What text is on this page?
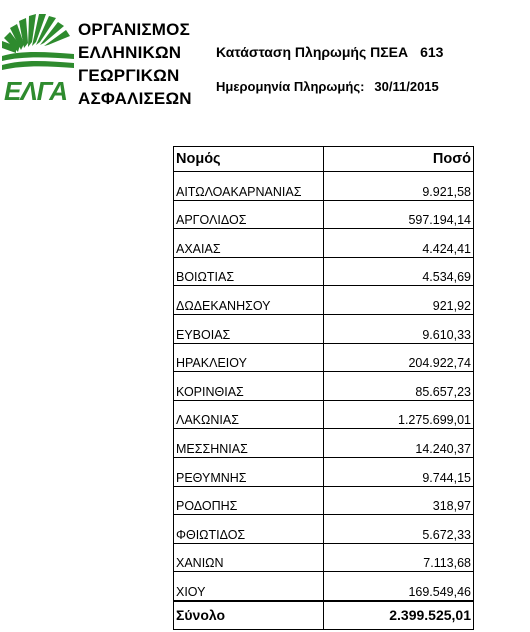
ΕΛΓΑ
ΟΡΓΑΝΙΣΜΟΣ
ΕΛΛΗΝΙΚΩΝ
ΓΕΩΡΓΙΚΩΝ
ΑΣΦΑΛΙΣΕΩΝ
Κατάσταση Πληρωμής ΠΣΕΑ 613
Ημερομηνία Πληρωμής: 30/11/2015
Νομός	Ποσό
ΑΙΤΩΛΟΑΚΑΡΝΑΝΙΑΣ	9.921,58
ΑΡΓΟΛΙΔΟΣ	597.194,14
ΑΧΑΙΑΣ	4.424,41
ΒΟΙΩΤΙΑΣ	4.534,69
ΔΩΔΕΚΑΝΗΣΟΥ	921,92
ΕΥΒΟΙΑΣ	9.610,33
ΗΡΑΚΛΕΙΟΥ	204.922,74
ΚΟΡΙΝΘΙΑΣ	85.657,23
ΛΑΚΩΝΙΑΣ	1.275.699,01
ΜΕΣΣΗΝΙΑΣ	14.240,37
ΡΕΘΥΜΝΗΣ	9.744,15
ΡΟΔΟΠΗΣ	318,97
ΦΘΙΩΤΙΔΟΣ	5.672,33
ΧΑΝΙΩΝ	7.113,68
ΧΙΟΥ	169.549,46
Σύνολο	2.399.525,01
